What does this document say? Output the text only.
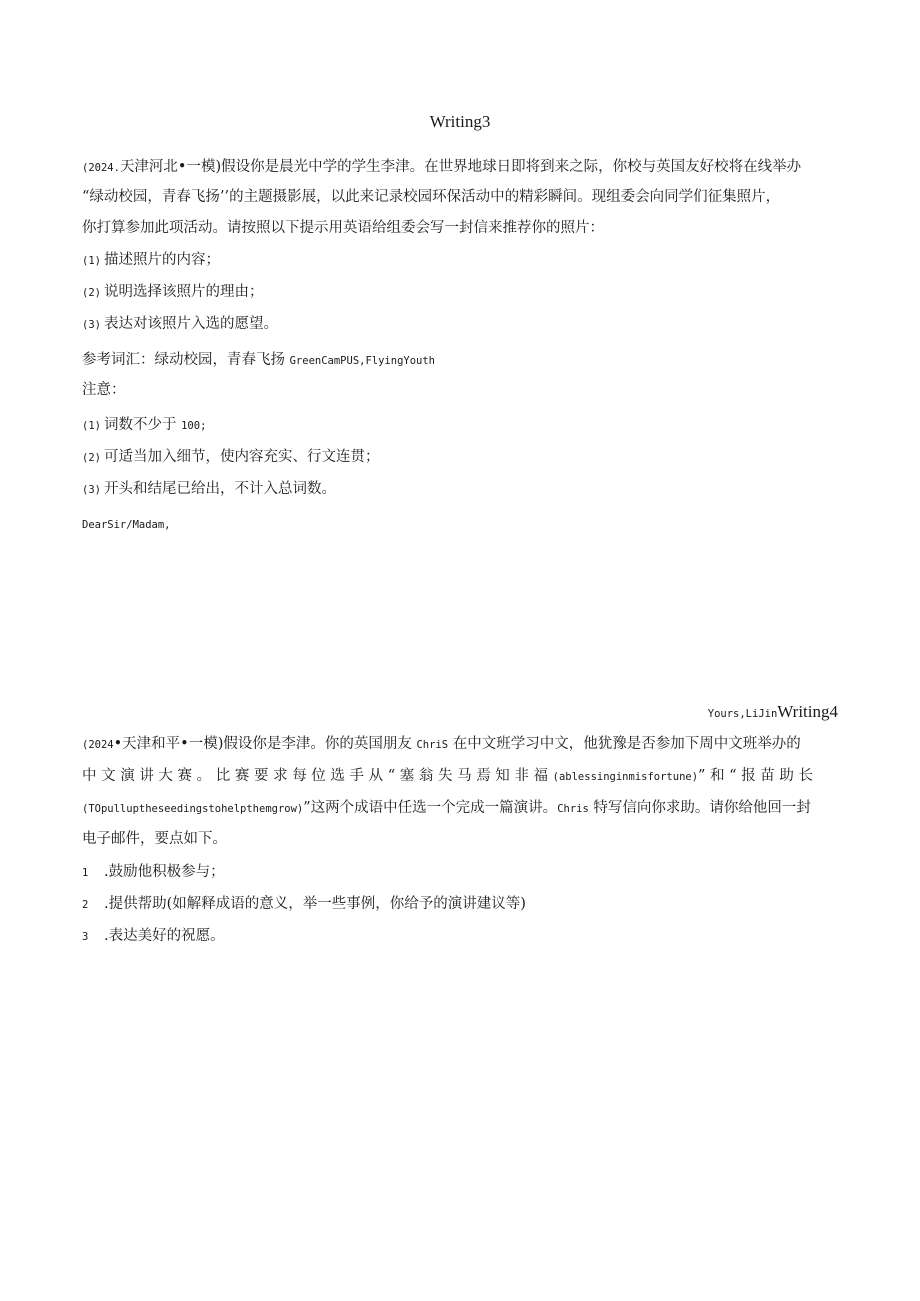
Writing3
(2024.天津河北•一模)假设你是晨光中学的学生李津。在世界地球日即将到来之际，你校与英国友好校将在线举办
“绿动校园，青春飞扬’’的主题摄影展，以此来记录校园环保活动中的精彩瞬间。现组委会向同学们征集照片，
你打算参加此项活动。请按照以下提示用英语给组委会写一封信来推荐你的照片：
(1) 描述照片的内容；
(2) 说明选择该照片的理由；
(3) 表达对该照片入选的愿望。
参考词汇：绿动校园，青春飞扬 GreenCamPUS,FlyingYouth
注意：
(1) 词数不少于 100;
(2) 可适当加入细节，使内容充实、行文连贯；
(3) 开头和结尾已给出，不计入总词数。
DearSir/Madam,
Yours,LiJinWriting4
(2024•天津和平•一模)假设你是李津。你的英国朋友 ChriS 在中文班学习中文，他犹豫是否参加下周中文班举办的
中 文 演 讲 大 赛 。 比 赛 要 求 每 位 选 手 从 “ 塞 翁 失 马 焉 知 非 福 (ablessinginmisfortune)” 和 “ 报 苗 助 长
(TOpulluptheseedingstohelpthemgrow)”这两个成语中任选一个完成一篇演讲。Chris 特写信向你求助。请你给他回一封
电子邮件，要点如下。
1 .鼓励他积极参与；
2 .提供帮助(如解释成语的意义，举一些事例，你给予的演讲建议等)
3 .表达美好的祝愿。
